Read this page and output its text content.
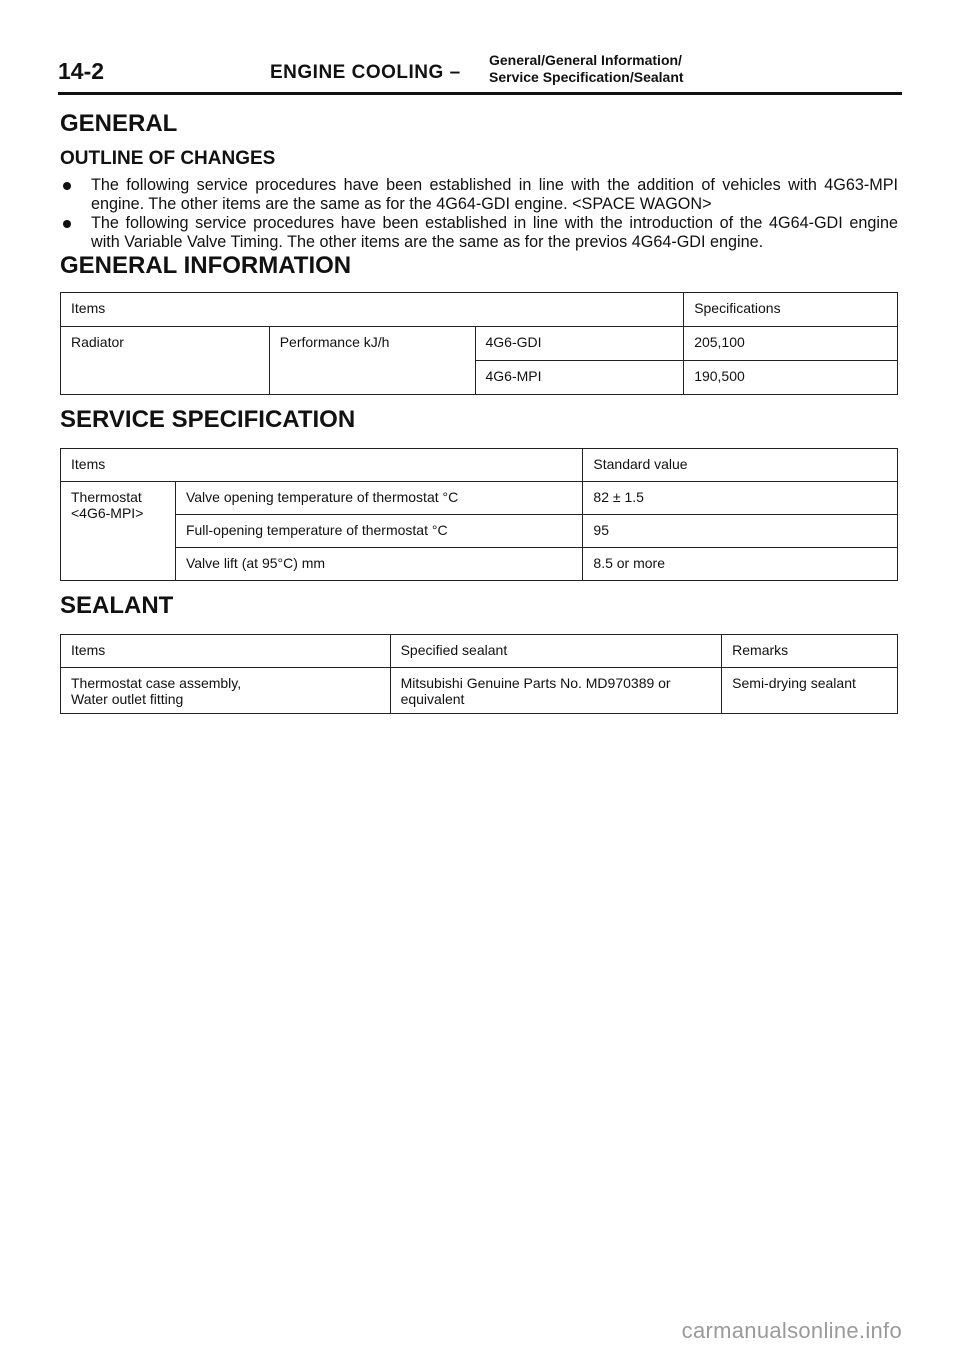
14-2	ENGINE COOLING –
General/General Information/
Service Specification/Sealant
GENERAL
OUTLINE OF CHANGES
The following service procedures have been established in line with the addition of vehicles with 4G63-MPI engine. The other items are the same as for the 4G64-GDI engine. <SPACE WAGON>
The following service procedures have been established in line with the introduction of the 4G64-GDI engine with Variable Valve Timing. The other items are the same as for the previos 4G64-GDI engine.
GENERAL INFORMATION
Items			Specifications
Radiator	Performance kJ/h	4G6-GDI	205,100
		4G6-MPI	190,500
SERVICE SPECIFICATION
Items		Standard value
Thermostat
<4G6-MPI>	Valve opening temperature of thermostat °C	82 ± 1.5
	Full-opening temperature of thermostat °C	95
	Valve lift (at 95°C) mm	8.5 or more
SEALANT
Items	Specified sealant	Remarks
Thermostat case assembly,
Water outlet fitting	Mitsubishi Genuine Parts No. MD970389 or
equivalent	Semi-drying sealant
carmanualsonline.info
